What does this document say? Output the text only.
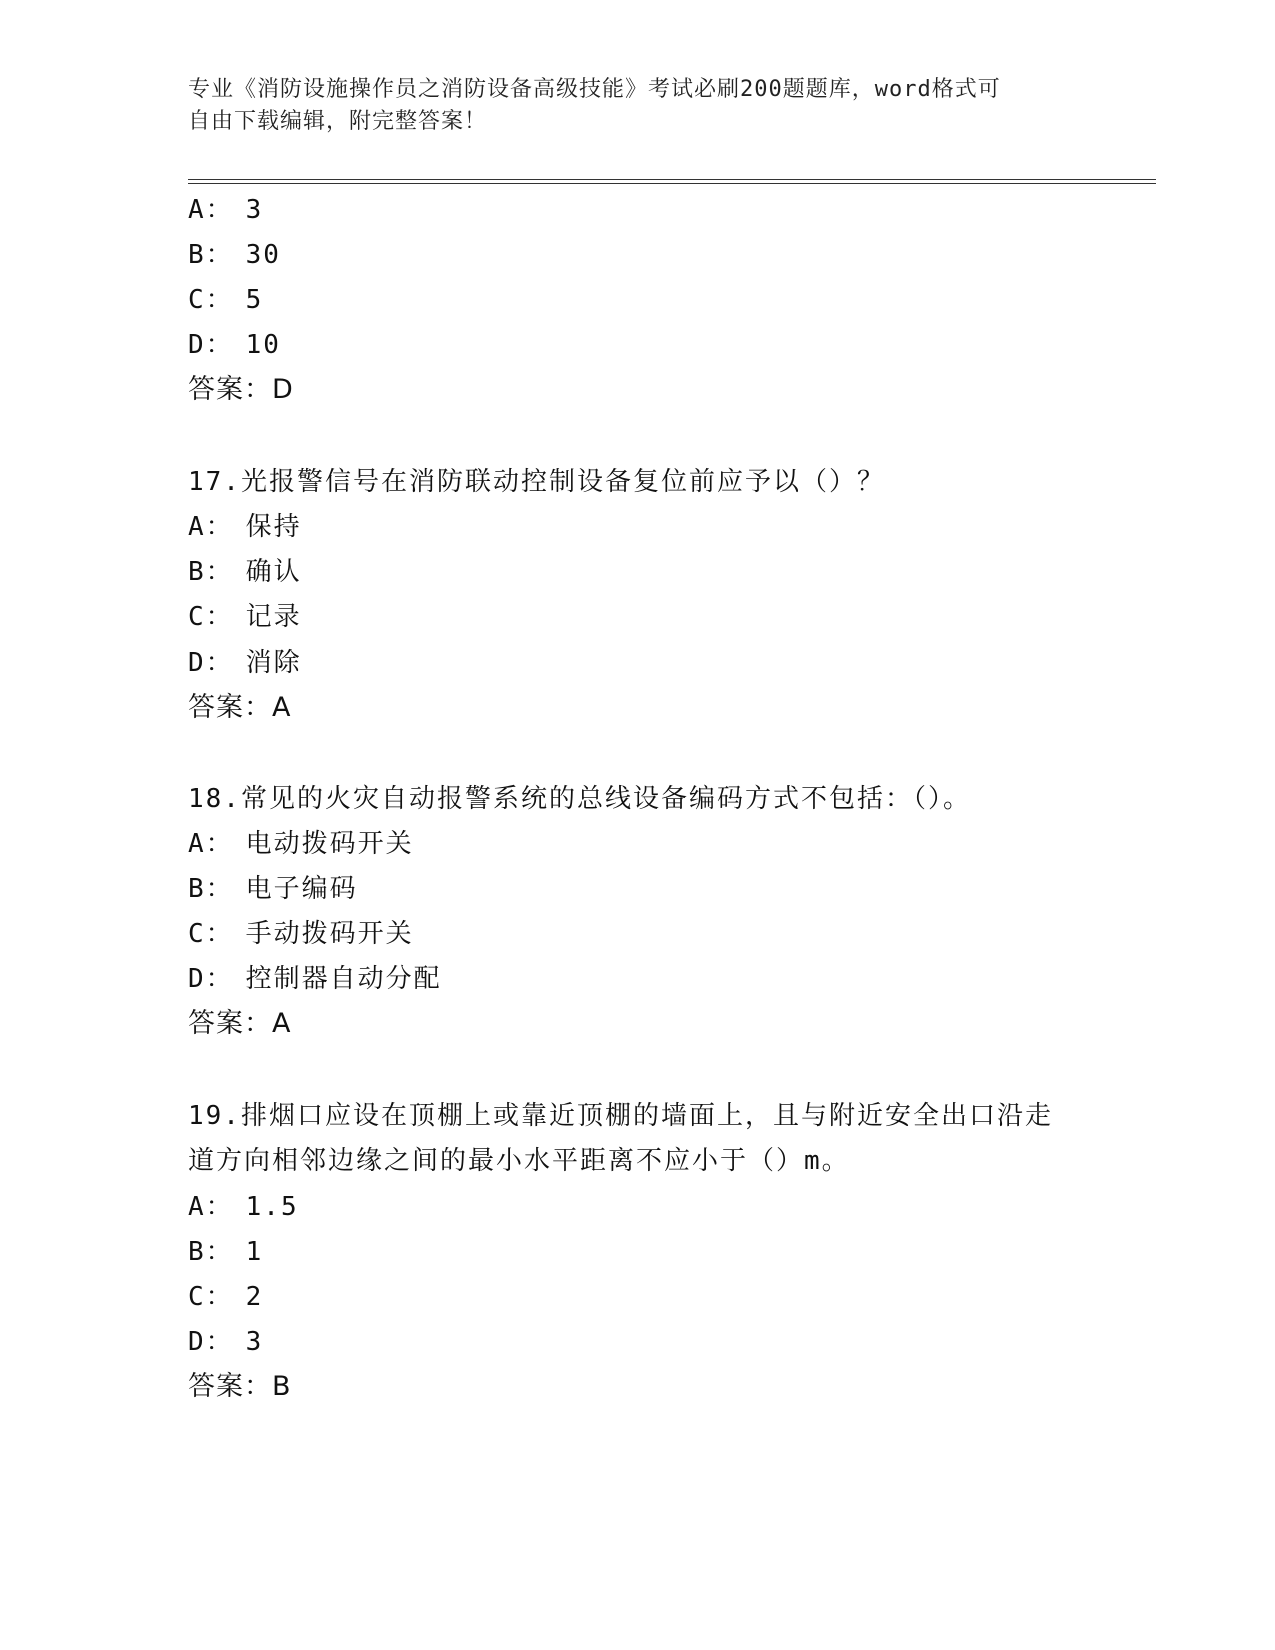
专业《消防设施操作员之消防设备高级技能》考试必刷200题题库，word格式可
自由下载编辑，附完整答案！
A： 3
B： 30
C： 5
D： 10
答案：D
17.光报警信号在消防联动控制设备复位前应予以（）？
A： 保持
B： 确认
C： 记录
D： 消除
答案：A
18.常见的火灾自动报警系统的总线设备编码方式不包括：（）。
A： 电动拨码开关
B： 电子编码
C： 手动拨码开关
D： 控制器自动分配
答案：A
19.排烟口应设在顶棚上或靠近顶棚的墙面上，且与附近安全出口沿走
道方向相邻边缘之间的最小水平距离不应小于（）m。
A： 1.5
B： 1
C： 2
D： 3
答案：B
